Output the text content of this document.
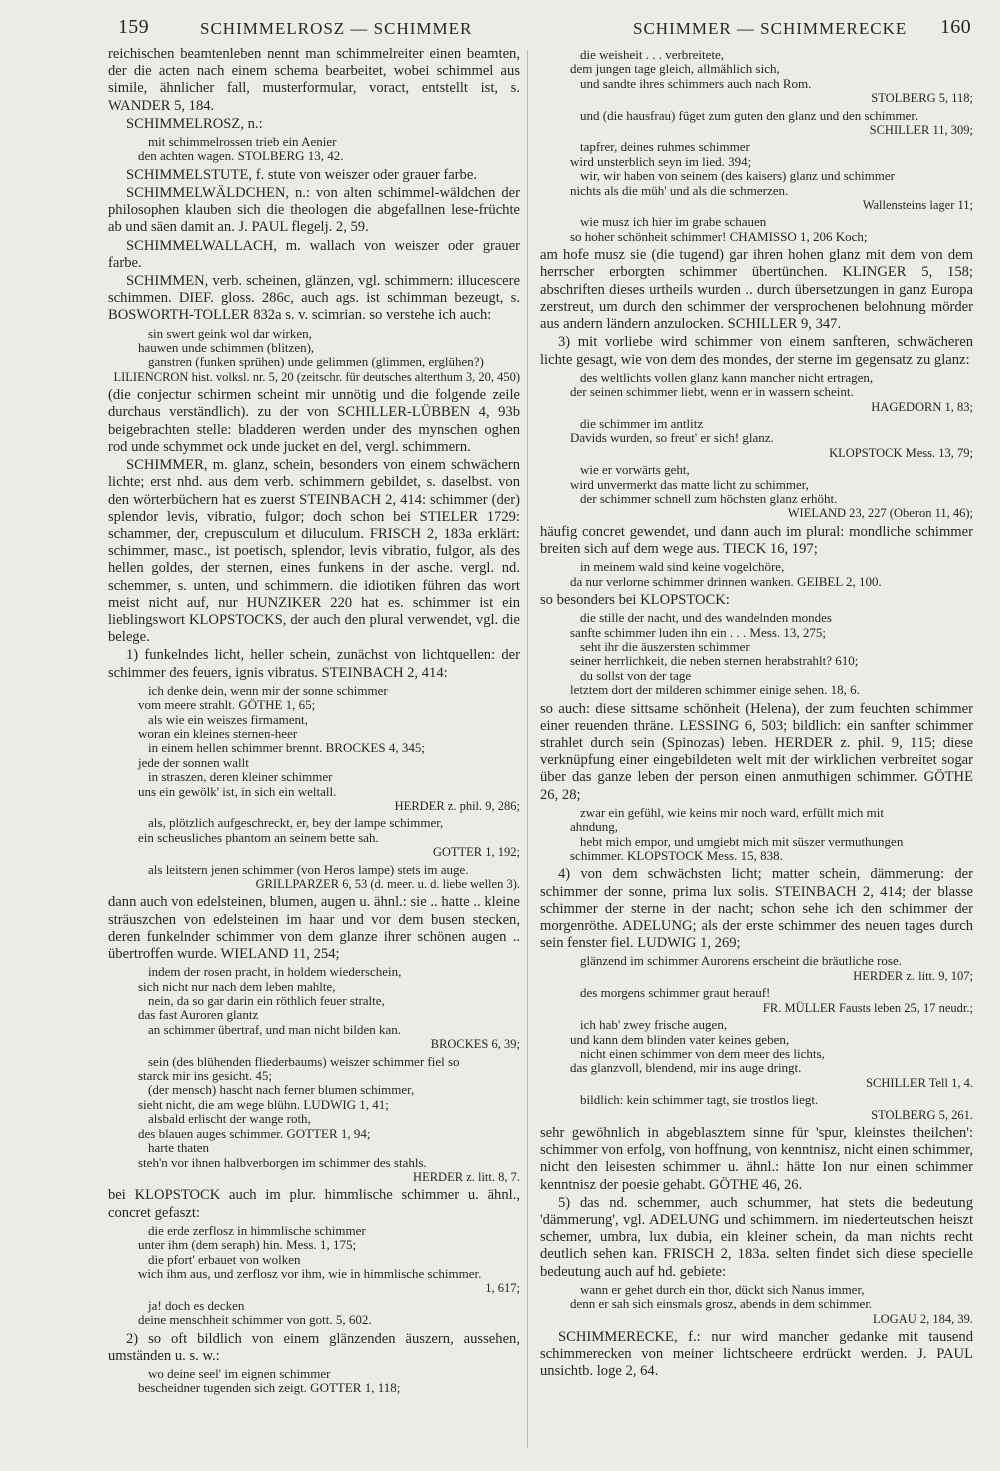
159	SCHIMMELROSZ — SCHIMMER	SCHIMMER — SCHIMMERECKE 160

reichischen beamtenleben nennt man schimmelreiter einen beamten, der die acten nach einem schema bearbeitet, wobei schimmel aus simile, ähnlicher fall, musterformular, voract, entstellt ist, s. WANDER 5, 184.

SCHIMMELROSZ, n.:

mit schimmelrossen trieb ein Aenier
den achten wagen. STOLBERG 13, 42.

SCHIMMELSTUTE, f. stute von weiszer oder grauer farbe.

SCHIMMELWÄLDCHEN, n.: von alten schimmel-wäldchen der philosophen klauben sich die theologen die abgefallnen lese-früchte ab und säen damit an. J. PAUL flegelj. 2, 59.

SCHIMMELWALLACH, m. wallach von weiszer oder grauer farbe.

SCHIMMEN, verb. scheinen, glänzen, vgl. schimmern: illucescere schimmen. DIEF. gloss. 286c, auch ags. ist schimman bezeugt, s. BOSWORTH-TOLLER 832a s. v. scimrian. so verstehe ich auch:

sin swert geink wol dar wirken,
hauwen unde schimmen (blitzen),
ganstren (funken sprühen) unde gelimmen (glimmen, erglühen?)
LILIENCRON hist. volksl. nr. 5, 20 (zeitschr. für deutsches alterthum 3, 20, 450)

(die conjectur schirmen scheint mir unnötig und die folgende zeile durchaus verständlich). zu der von SCHILLER-LÜBBEN 4, 93b beigebrachten stelle: bladderen werden under des mynschen oghen rod unde schymmet ock unde jucket en del, vergl. schimmern.

SCHIMMER, m. glanz, schein, besonders von einem schwächern lichte; erst nhd. aus dem verb. schimmern gebildet, s. daselbst. von den wörterbüchern hat es zuerst STEINBACH 2, 414: schimmer (der) splendor levis, vibratio, fulgor; doch schon bei STIELER 1729: schammer, der, crepusculum et diluculum. FRISCH 2, 183a erklärt: schimmer, masc., ist poetisch, splendor, levis vibratio, fulgor, als des hellen goldes, der sternen, eines funkens in der asche. vergl. nd. schemmer, s. unten, und schimmern. die idiotiken führen das wort meist nicht auf, nur HUNZIKER 220 hat es. schimmer ist ein lieblingswort KLOPSTOCKS, der auch den plural verwendet, vgl. die belege.

1) funkelndes licht, heller schein, zunächst von lichtquellen: der schimmer des feuers, ignis vibratus. STEINBACH 2, 414:

ich denke dein, wenn mir der sonne schimmer
vom meere strahlt. GÖTHE 1, 65;
als wie ein weiszes firmament,
woran ein kleines sternen-heer
in einem hellen schimmer brennt. BROCKES 4, 345;
jede der sonnen wallt
in straszen, deren kleiner schimmer
uns ein gewölk' ist, in sich ein weltall.
HERDER z. phil. 9, 286;
als, plötzlich aufgeschreckt, er, bey der lampe schimmer,
ein scheusliches phantom an seinem bette sah.
GOTTER 1, 192;
als leitstern jenen schimmer (von Heros lampe) stets im auge.
GRILLPARZER 6, 53 (d. meer. u. d. liebe wellen 3).

dann auch von edelsteinen, blumen, augen u. ähnl.: sie .. hatte .. kleine sträuszchen von edelsteinen im haar und vor dem busen stecken, deren funkelnder schimmer von dem glanze ihrer schönen augen .. übertroffen wurde. WIELAND 11, 254;

indem der rosen pracht, in holdem wiederschein,
sich nicht nur nach dem leben mahlte,
nein, da so gar darin ein röthlich feuer stralte,
das fast Auroren glantz
an schimmer übertraf, und man nicht bilden kan.
BROCKES 6, 39;
sein (des blühenden fliederbaums) weiszer schimmer fiel so
starck mir ins gesicht. 45;
(der mensch) hascht nach ferner blumen schimmer,
sieht nicht, die am wege blühn. LUDWIG 1, 41;
alsbald erlischt der wange roth,
des blauen auges schimmer. GOTTER 1, 94;
harte thaten
steh'n vor ihnen halbverborgen im schimmer des stahls.
HERDER z. litt. 8, 7.

bei KLOPSTOCK auch im plur. himmlische schimmer u. ähnl., concret gefaszt:

die erde zerflosz in himmlische schimmer
unter ihm (dem seraph) hin. Mess. 1, 175;
die pfort' erbauet von wolken
wich ihm aus, und zerflosz vor ihm, wie in himmlische schimmer.
1, 617;
ja! doch es decken
deine menschheit schimmer von gott. 5, 602.

2) so oft bildlich von einem glänzenden äuszern, aussehen, umständen u. s. w.:

wo deine seel' im eignen schimmer
bescheidner tugenden sich zeigt. GOTTER 1, 118;
die weisheit . . . verbreitete,
dem jungen tage gleich, allmählich sich,
und sandte ihres schimmers auch nach Rom.
STOLBERG 5, 118;
und (die hausfrau) füget zum guten den glanz und den schimmer.
SCHILLER 11, 309;
tapfrer, deines ruhmes schimmer
wird unsterblich seyn im lied. 394;
wir, wir haben von seinem (des kaisers) glanz und schimmer
nichts als die müh' und als die schmerzen.
Wallensteins lager 11;
wie musz ich hier im grabe schauen
so hoher schönheit schimmer! CHAMISSO 1, 206 Koch;

am hofe musz sie (die tugend) gar ihren hohen glanz mit dem von dem herrscher erborgten schimmer übertünchen. KLINGER 5, 158; abschriften dieses urtheils wurden .. durch übersetzungen in ganz Europa zerstreut, um durch den schimmer der versprochenen belohnung mörder aus andern ländern anzulocken. SCHILLER 9, 347.

3) mit vorliebe wird schimmer von einem sanfteren, schwächeren lichte gesagt, wie von dem des mondes, der sterne im gegensatz zu glanz:

des weltlichts vollen glanz kann mancher nicht ertragen,
der seinen schimmer liebt, wenn er in wassern scheint.
HAGEDORN 1, 83;
die schimmer im antlitz
Davids wurden, so freut' er sich! glanz.
KLOPSTOCK Mess. 13, 79;
wie er vorwärts geht,
wird unvermerkt das matte licht zu schimmer,
der schimmer schnell zum höchsten glanz erhöht.
WIELAND 23, 227 (Oberon 11, 46);

häufig concret gewendet, und dann auch im plural: mondliche schimmer breiten sich auf dem wege aus. TIECK 16, 197;

in meinem wald sind keine vogelchöre,
da nur verlorne schimmer drinnen wanken. GEIBEL 2, 100.

so besonders bei KLOPSTOCK:

die stille der nacht, und des wandelnden mondes
sanfte schimmer luden ihn ein . . . Mess. 13, 275;
seht ihr die äuszersten schimmer
seiner herrlichkeit, die neben sternen herabstrahlt? 610;
du sollst von der tage
letztem dort der milderen schimmer einige sehen. 18, 6.

so auch: diese sittsame schönheit (Helena), der zum feuchten schimmer einer reuenden thräne. LESSING 6, 503; bildlich: ein sanfter schimmer strahlet durch sein (Spinozas) leben. HERDER z. phil. 9, 115; diese verknüpfung einer eingebildeten welt mit der wirklichen verbreitet sogar über das ganze leben der person einen anmuthigen schimmer. GÖTHE 26, 28;

zwar ein gefühl, wie keins mir noch ward, erfüllt mich mit
ahndung,
hebt mich empor, und umgiebt mich mit süszer vermuthungen
schimmer. KLOPSTOCK Mess. 15, 838.

4) von dem schwächsten licht; matter schein, dämmerung: der schimmer der sonne, prima lux solis. STEINBACH 2, 414; der blasse schimmer der sterne in der nacht; schon sehe ich den schimmer der morgenröthe. ADELUNG; als der erste schimmer des neuen tages durch sein fenster fiel. LUDWIG 1, 269;

glänzend im schimmer Aurorens erscheint die bräutliche rose.
HERDER z. litt. 9, 107;
des morgens schimmer graut herauf!
FR. MÜLLER Fausts leben 25, 17 neudr.;
ich hab' zwey frische augen,
und kann dem blinden vater keines geben,
nicht einen schimmer von dem meer des lichts,
das glanzvoll, blendend, mir ins auge dringt.
SCHILLER Tell 1, 4.
bildlich: kein schimmer tagt, sie trostlos liegt.
STOLBERG 5, 261.

sehr gewöhnlich in abgeblasztem sinne für 'spur, kleinstes theilchen': schimmer von erfolg, von hoffnung, von kenntnisz, nicht einen schimmer, nicht den leisesten schimmer u. ähnl.: hätte Ion nur einen schimmer kenntnisz der poesie gehabt. GÖTHE 46, 26.

5) das nd. schemmer, auch schummer, hat stets die bedeutung 'dämmerung', vgl. ADELUNG und schimmern. im niederteutschen heiszt schemer, umbra, lux dubia, ein kleiner schein, da man nichts recht deutlich sehen kan. FRISCH 2, 183a. selten findet sich diese specielle bedeutung auch auf hd. gebiete:

wann er gehet durch ein thor, dückt sich Nanus immer,
denn er sah sich einsmals grosz, abends in dem schimmer.
LOGAU 2, 184, 39.

SCHIMMERECKE, f.: nur wird mancher gedanke mit tausend schimmerecken von meiner lichtscheere erdrückt werden. J. PAUL unsichtb. loge 2, 64.
